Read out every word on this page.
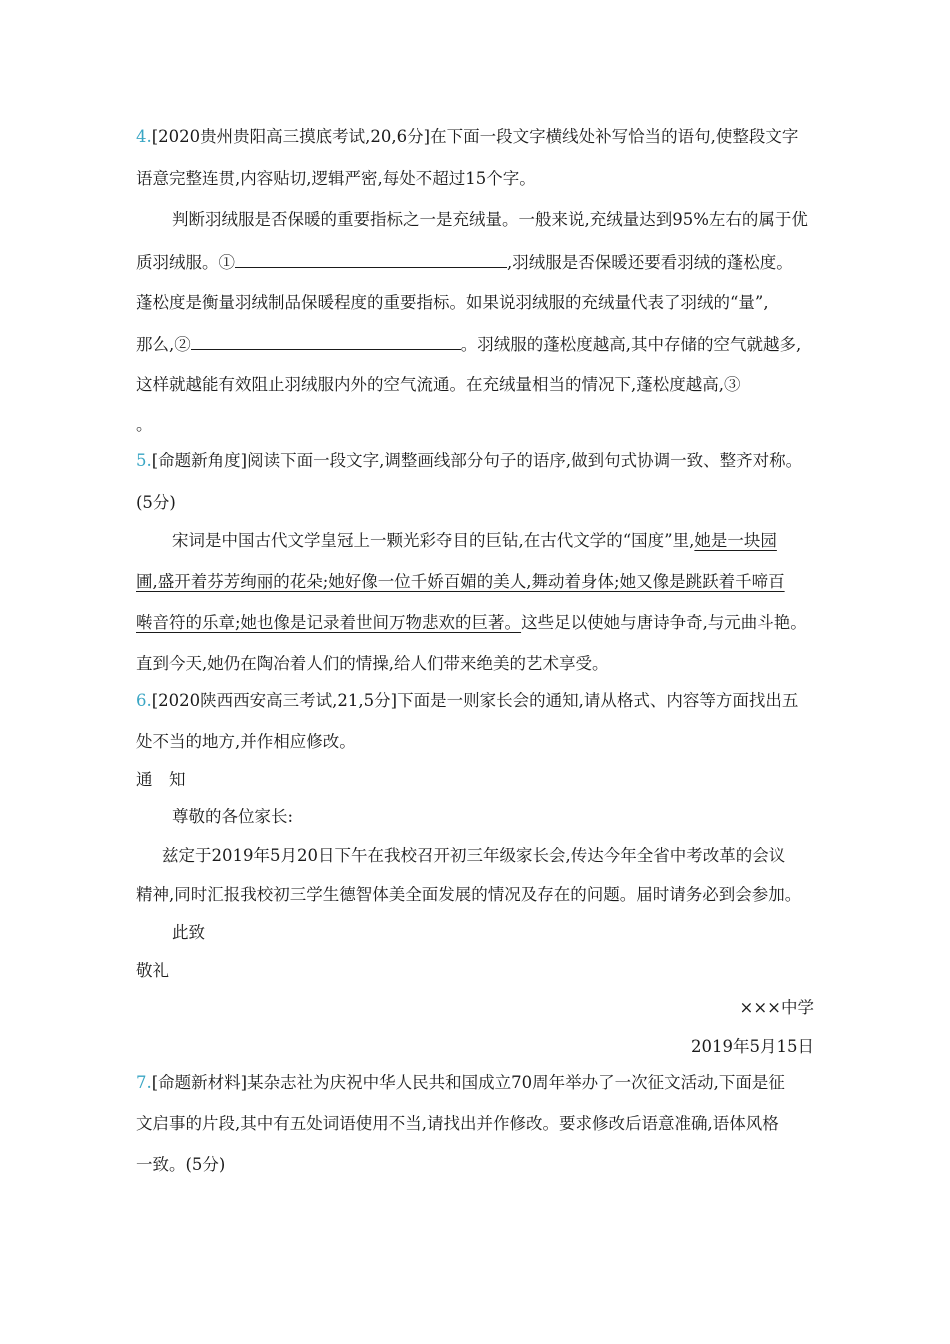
4.[2020贵州贵阳高三摸底考试,20,6分]在下面一段文字横线处补写恰当的语句,使整段文字
语意完整连贯,内容贴切,逻辑严密,每处不超过15个字。
判断羽绒服是否保暖的重要指标之一是充绒量。一般来说,充绒量达到95%左右的属于优
质羽绒服。①	,羽绒服是否保暖还要看羽绒的蓬松度。
蓬松度是衡量羽绒制品保暖程度的重要指标。如果说羽绒服的充绒量代表了羽绒的“量”,
那么,②	。羽绒服的蓬松度越高,其中存储的空气就越多,
这样就越能有效阻止羽绒服内外的空气流通。在充绒量相当的情况下,蓬松度越高,③
。
5.[命题新角度]阅读下面一段文字,调整画线部分句子的语序,做到句式协调一致、整齐对称。
(5分)
宋词是中国古代文学皇冠上一颗光彩夺目的巨钻,在古代文学的“国度”里,她是一块园
圃,盛开着芬芳绚丽的花朵;她好像一位千娇百媚的美人,舞动着身体;她又像是跳跃着千啼百
啭音符的乐章;她也像是记录着世间万物悲欢的巨著。这些足以使她与唐诗争奇,与元曲斗艳。
直到今天,她仍在陶冶着人们的情操,给人们带来绝美的艺术享受。
6.[2020陕西西安高三考试,21,5分]下面是一则家长会的通知,请从格式、内容等方面找出五
处不当的地方,并作相应修改。
通　知
尊敬的各位家长:
兹定于2019年5月20日下午在我校召开初三年级家长会,传达今年全省中考改革的会议
精神,同时汇报我校初三学生德智体美全面发展的情况及存在的问题。届时请务必到会参加。
此致
敬礼
×××中学
2019年5月15日
7.[命题新材料]某杂志社为庆祝中华人民共和国成立70周年举办了一次征文活动,下面是征
文启事的片段,其中有五处词语使用不当,请找出并作修改。要求修改后语意准确,语体风格
一致。(5分)
